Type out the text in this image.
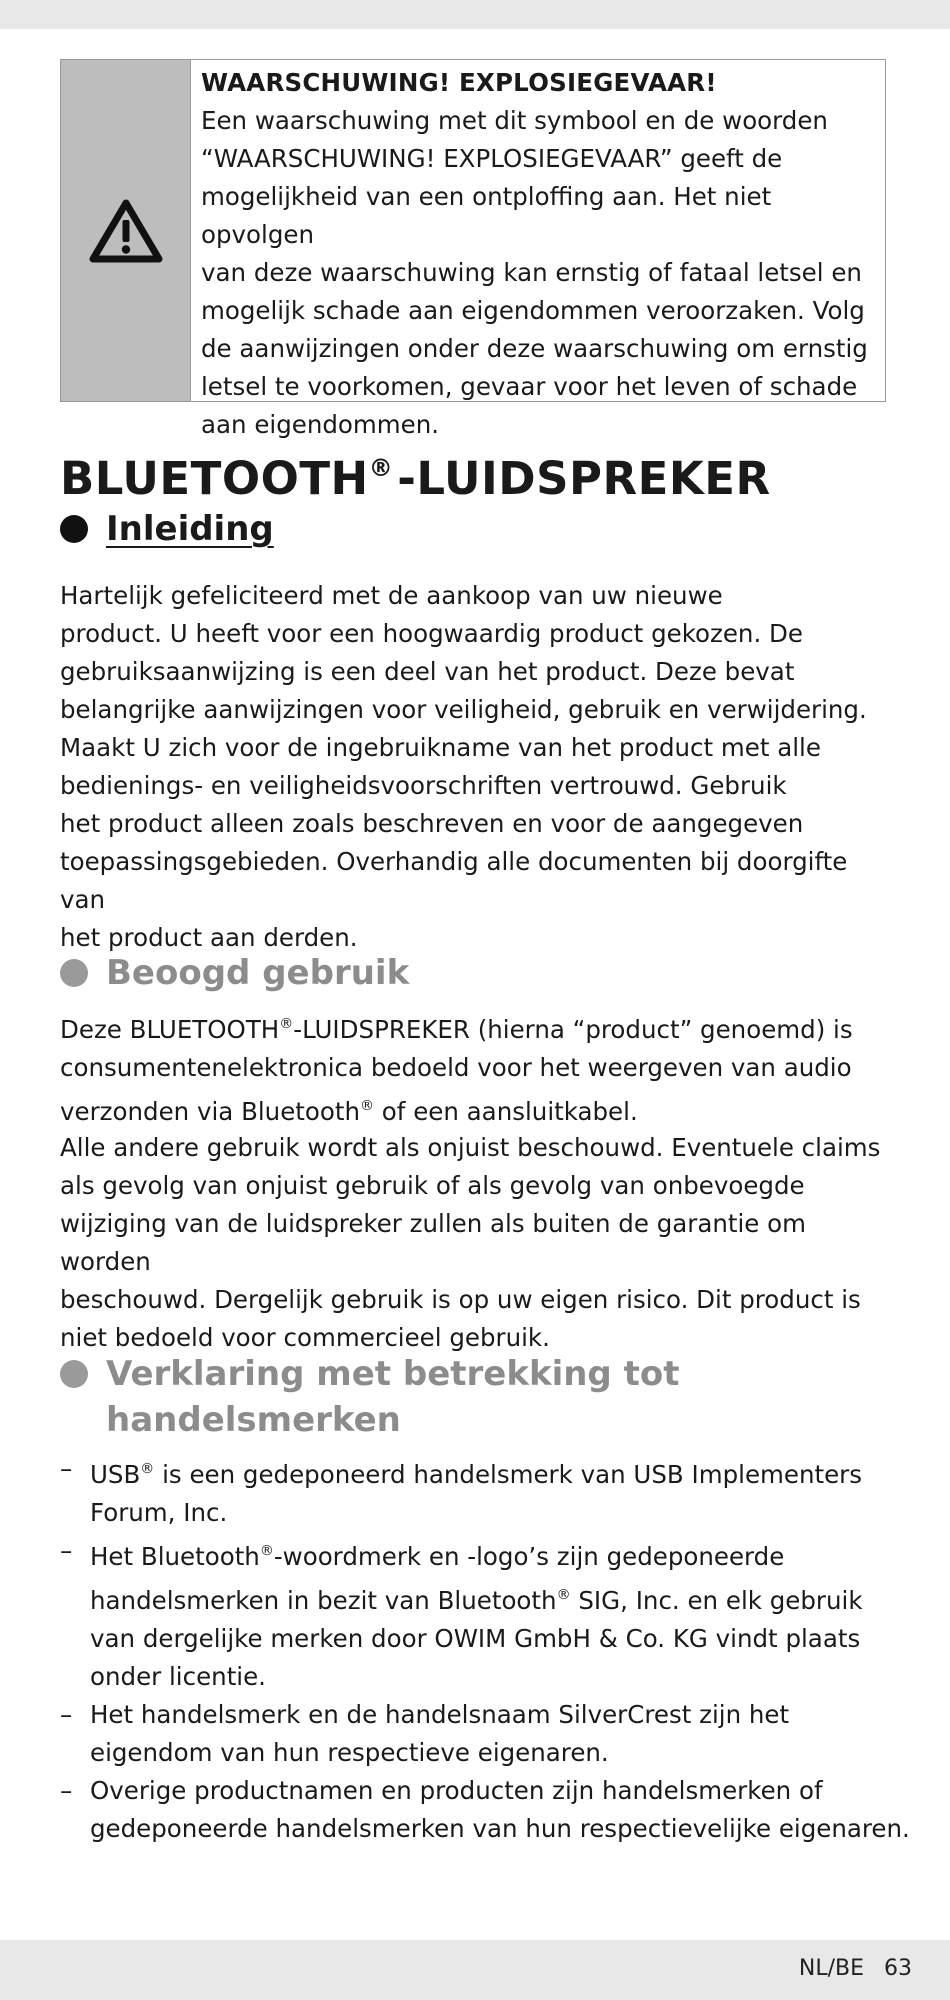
WAARSCHUWING! EXPLOSIEGEVAAR!
Een waarschuwing met dit symbool en de woorden
“WAARSCHUWING! EXPLOSIEGEVAAR” geeft de
mogelijkheid van een ontploffing aan. Het niet opvolgen
van deze waarschuwing kan ernstig of fataal letsel en
mogelijk schade aan eigendommen veroorzaken. Volg
de aanwijzingen onder deze waarschuwing om ernstig
letsel te voorkomen, gevaar voor het leven of schade
aan eigendommen.
BLUETOOTH®-LUIDSPREKER
Inleiding
Hartelijk gefeliciteerd met de aankoop van uw nieuwe
product. U heeft voor een hoogwaardig product gekozen. De
gebruiksaanwijzing is een deel van het product. Deze bevat
belangrijke aanwijzingen voor veiligheid, gebruik en verwijdering.
Maakt U zich voor de ingebruikname van het product met alle
bedienings- en veiligheidsvoorschriften vertrouwd. Gebruik
het product alleen zoals beschreven en voor de aangegeven
toepassingsgebieden. Overhandig alle documenten bij doorgifte van
het product aan derden.
Beoogd gebruik
Deze BLUETOOTH®-LUIDSPREKER (hierna “product” genoemd) is
consumentenelektronica bedoeld voor het weergeven van audio
verzonden via Bluetooth® of een aansluitkabel.
Alle andere gebruik wordt als onjuist beschouwd. Eventuele claims
als gevolg van onjuist gebruik of als gevolg van onbevoegde
wijziging van de luidspreker zullen als buiten de garantie om worden
beschouwd. Dergelijk gebruik is op uw eigen risico. Dit product is
niet bedoeld voor commercieel gebruik.
Verklaring met betrekking tot
handelsmerken
– USB® is een gedeponeerd handelsmerk van USB Implementers
Forum, Inc.
– Het Bluetooth®-woordmerk en -logo’s zijn gedeponeerde
handelsmerken in bezit van Bluetooth® SIG, Inc. en elk gebruik
van dergelijke merken door OWIM GmbH & Co. KG vindt plaats
onder licentie.
– Het handelsmerk en de handelsnaam SilverCrest zijn het
eigendom van hun respectieve eigenaren.
– Overige productnamen en producten zijn handelsmerken of
gedeponeerde handelsmerken van hun respectievelijke eigenaren.
NL/BE 63
